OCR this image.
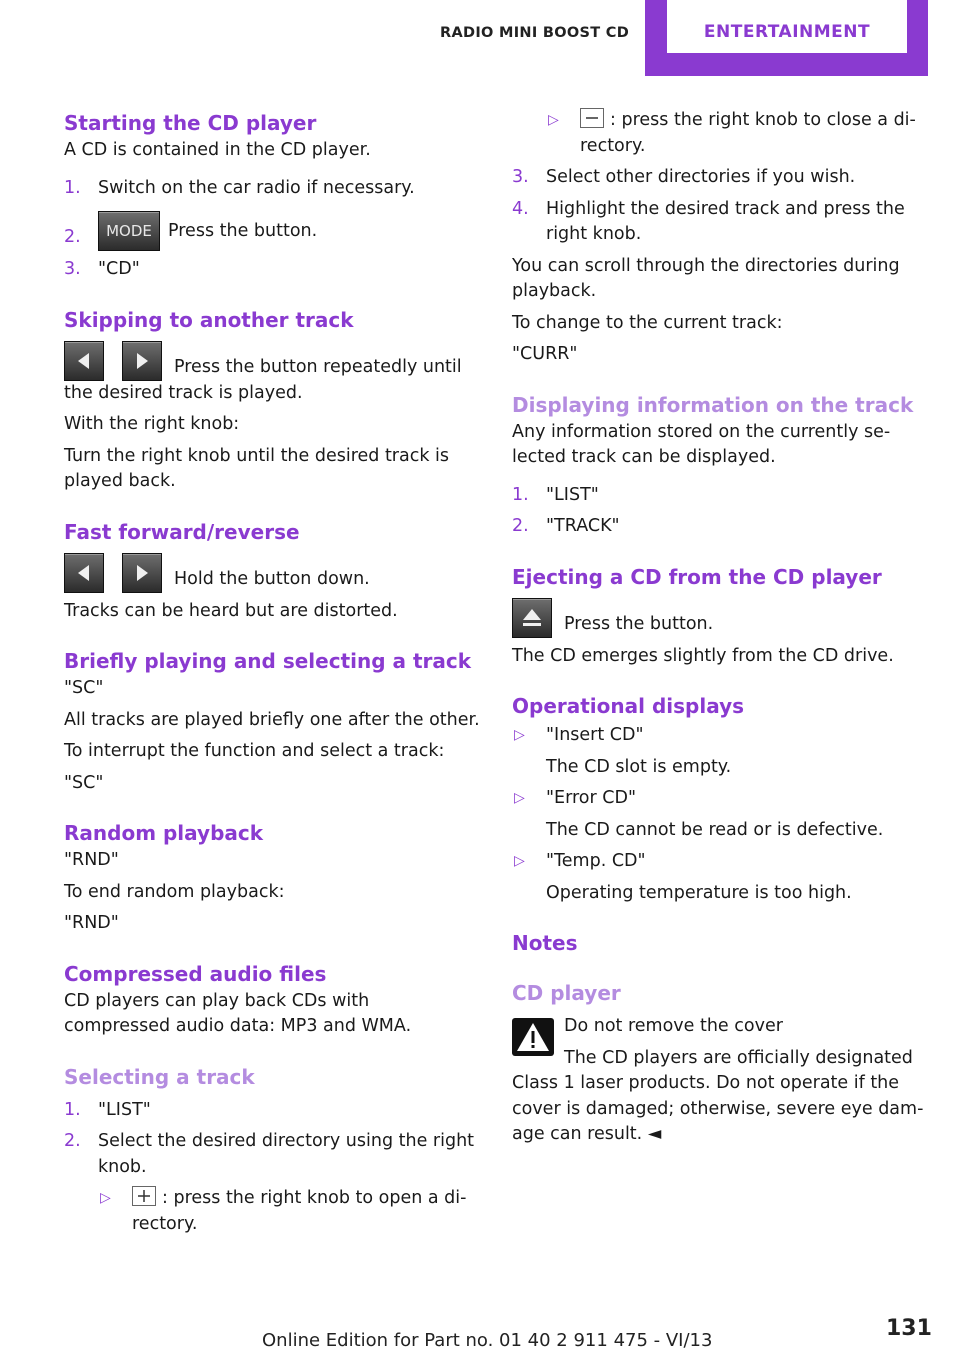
RADIO MINI BOOST CD	ENTERTAINMENT
Starting the CD player

A CD is contained in the CD player.

1. Switch on the car radio if necessary.
2. MODE Press the button.
3. "CD"
Skipping to another track
Press the button repeatedly until

the desired track is played.

With the right knob:

Turn the right knob until the desired track is played back.

Fast forward/reverse
Hold the button down.

Tracks can be heard but are distorted.

Briefly playing and selecting a track

"SC"

All tracks are played briefly one after the other.

To interrupt the function and select a track:

"SC"

Random playback

"RND"

To end random playback:

"RND"

Compressed audio files

CD players can play back CDs with compressed audio data: MP3 and WMA.

Selecting a track
1. "LIST"
2. Select the desired directory using the right knob.
▷	: press the right knob to open a di-rectory.
▷	: press the right knob to close a di-rectory.
3. Select other directories if you wish.
4. Highlight the desired track and press the right knob.

You can scroll through the directories during playback.

To change to the current track:

"CURR"

Displaying information on the track

Any information stored on the currently se-lected track can be displayed.

1. "LIST"
2. "TRACK"
Ejecting a CD from the CD player
Press the button.

The CD emerges slightly from the CD drive.

Operational displays
▷ "Insert CD"
The CD slot is empty.
▷ "Error CD"
The CD cannot be read or is defective.
▷ "Temp. CD"
Operating temperature is too high.
Notes
CD player

Do not remove the cover

The CD players are officially designated Class 1 laser products. Do not operate if the cover is damaged; otherwise, severe eye dam-age can result. ◄

Online Edition for Part no. 01 40 2 911 475 - VI/13	131
